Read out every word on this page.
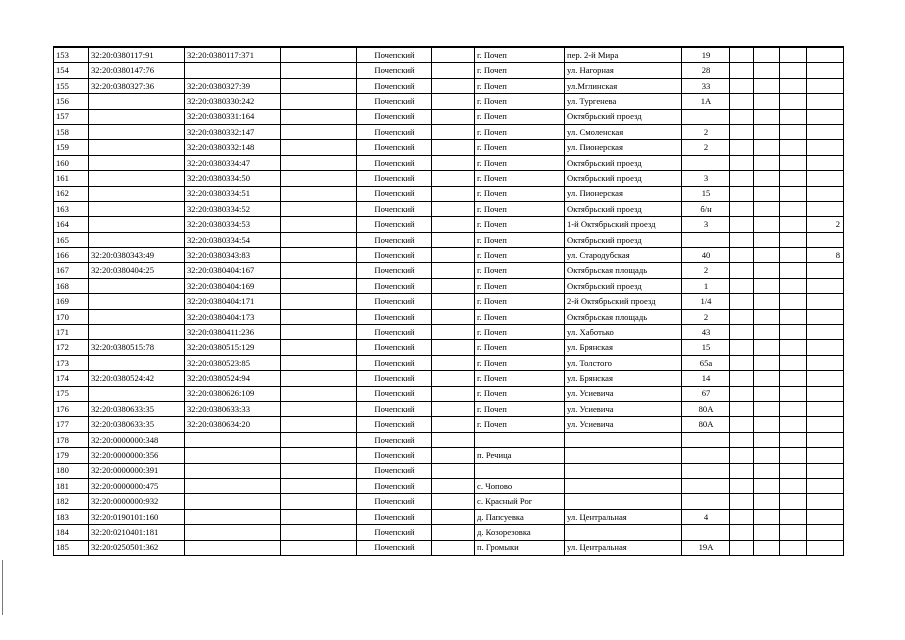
153	32:20:0380117:91	32:20:0380117:371		Почепский		г. Почеп	пер. 2-й Мира	19				
154	32:20:0380147:76			Почепский		г. Почеп	ул. Нагорная	28				
155	32:20:0380327:36	32:20:0380327:39		Почепский		г. Почеп	ул.Мглинская	33				
156		32:20:0380330:242		Почепский		г. Почеп	ул. Тургенева	1А				
157		32:20:0380331:164		Почепский		г. Почеп	Октябрьский проезд					
158		32:20:0380332:147		Почепский		г. Почеп	ул. Смоленская	2				
159		32:20:0380332:148		Почепский		г. Почеп	ул. Пионерская	2				
160		32:20:0380334:47		Почепский		г. Почеп	Октябрьский проезд					
161		32:20:0380334:50		Почепский		г. Почеп	Октябрьский проезд	3				
162		32:20:0380334:51		Почепский		г. Почеп	ул. Пионерская	15				
163		32:20:0380334:52		Почепский		г. Почеп	Октябрьский проезд	б/н				
164		32:20:0380334:53		Почепский		г. Почеп	1-й Октябрьский проезд	3				2
165		32:20:0380334:54		Почепский		г. Почеп	Октябрьский проезд					
166	32:20:0380343:49	32:20:0380343:83		Почепский		г. Почеп	ул. Стародубская	40				8
167	32:20:0380404:25	32:20:0380404:167		Почепский		г. Почеп	Октябрьская площадь	2				
168		32:20:0380404:169		Почепский		г. Почеп	Октябрьский проезд	1				
169		32:20:0380404:171		Почепский		г. Почеп	2-й Октябрьский проезд	1/4				
170		32:20:0380404:173		Почепский		г. Почеп	Октябрьская площадь	2				
171		32:20:0380411:236		Почепский		г. Почеп	ул. Хаботько	43				
172	32:20:0380515:78	32:20:0380515:129		Почепский		г. Почеп	ул. Брянская	15				
173		32:20:0380523:85		Почепский		г. Почеп	ул. Толстого	65а				
174	32:20:0380524:42	32:20:0380524:94		Почепский		г. Почеп	ул. Брянская	14				
175		32:20:0380626:109		Почепский		г. Почеп	ул. Усиевича	67				
176	32:20:0380633:35	32:20:0380633:33		Почепский		г. Почеп	ул. Усиевича	80А				
177	32:20:0380633:35	32:20:0380634:20		Почепский		г. Почеп	ул. Усиевича	80А				
178	32:20:0000000:348			Почепский								
179	32:20:0000000:356			Почепский		п. Речица						
180	32:20:0000000:391			Почепский								
181	32:20:0000000:475			Почепский		с. Чопово						
182	32:20:0000000:932			Почепский		с. Красный Рог						
183	32:20:0190101:160			Почепский		д. Папсуевка	ул. Центральная	4				
184	32:20:0210401:181			Почепский		д. Козорезовка						
185	32:20:0250501:362			Почепский		п. Громыки	ул. Центральная	19А				
